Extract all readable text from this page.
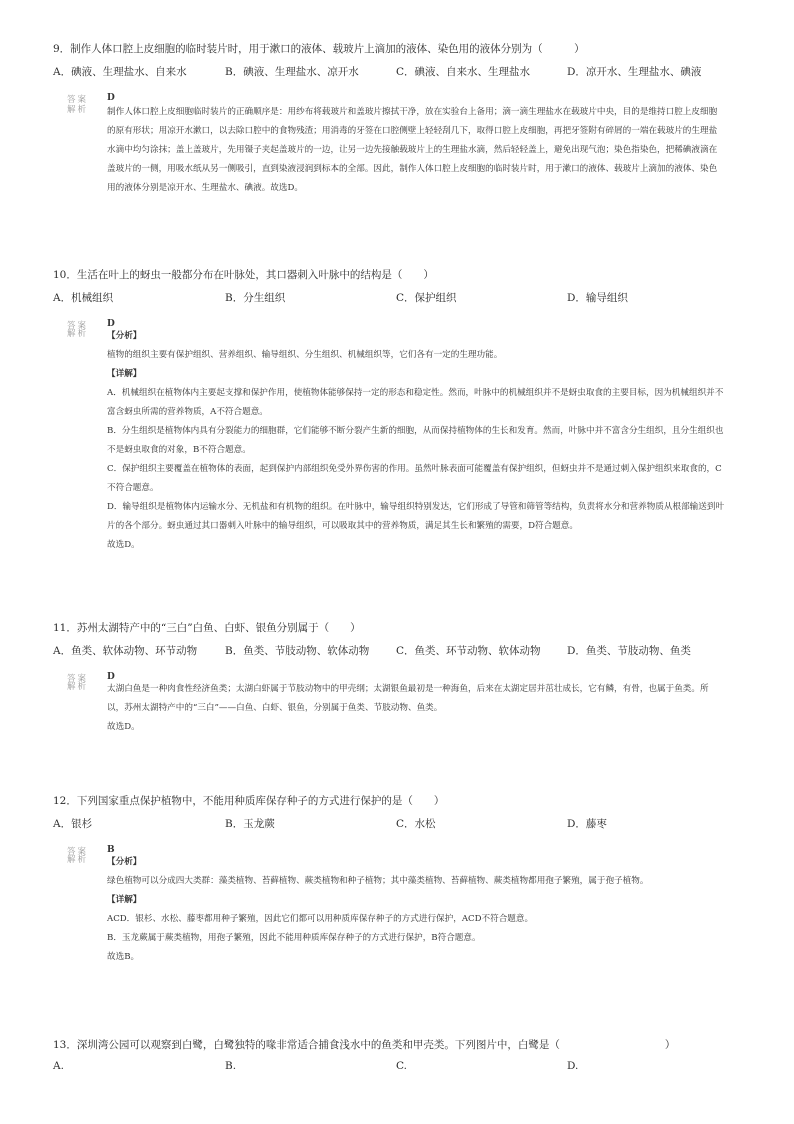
9．制作人体口腔上皮细胞的临时装片时，用于漱口的液体、载玻片上滴加的液体、染色用的液体分别为（　　　）
A．碘液、生理盐水、自来水	B．碘液、生理盐水、凉开水	C．碘液、自来水、生理盐水	D．凉开水、生理盐水、碘液
答案 D
解析 制作人体口腔上皮细胞临时装片的正确顺序是：用纱布将载玻片和盖玻片擦拭干净，放在实验台上备用；滴一滴生理盐水在载玻片中央，目的是维持口腔上皮细胞的原有形状；用凉开水漱口，以去除口腔中的食物残渣；用消毒的牙签在口腔侧壁上轻轻刮几下，取得口腔上皮细胞，再把牙签附有碎屑的一端在载玻片的生理盐水滴中均匀涂抹；盖上盖玻片，先用镊子夹起盖玻片的一边，让另一边先接触载玻片上的生理盐水滴，然后轻轻盖上，避免出现气泡；染色指染色，把稀碘液滴在盖玻片的一侧，用吸水纸从另一侧吸引，直到染液浸润到标本的全部。因此，制作人体口腔上皮细胞的临时装片时，用于漱口的液体、载玻片上滴加的液体、染色用的液体分别是凉开水、生理盐水、碘液。故选D。

10．生活在叶上的蚜虫一般都分布在叶脉处，其口器刺入叶脉中的结构是（　　）
A．机械组织	B．分生组织	C．保护组织	D．输导组织
答案 D
解析 【分析】

植物的组织主要有保护组织、营养组织、输导组织、分生组织、机械组织等，它们各有一定的生理功能。

【详解】

A．机械组织在植物体内主要起支撑和保护作用，使植物体能够保持一定的形态和稳定性。然而，叶脉中的机械组织并不是蚜虫取食的主要目标，因为机械组织并不富含蚜虫所需的营养物质，A不符合题意。

B．分生组织是植物体内具有分裂能力的细胞群，它们能够不断分裂产生新的细胞，从而保持植物体的生长和发育。然而，叶脉中并不富含分生组织，且分生组织也不是蚜虫取食的对象，B不符合题意。

C．保护组织主要覆盖在植物体的表面，起到保护内部组织免受外界伤害的作用。虽然叶脉表面可能覆盖有保护组织，但蚜虫并不是通过刺入保护组织来取食的，C不符合题意。

D．输导组织是植物体内运输水分、无机盐和有机物的组织。在叶脉中，输导组织特别发达，它们形成了导管和筛管等结构，负责将水分和营养物质从根部输送到叶片的各个部分。蚜虫通过其口器刺入叶脉中的输导组织，可以吸取其中的营养物质，满足其生长和繁殖的需要，D符合题意。

故选D。

11．苏州太湖特产中的“三白”白鱼、白虾、银鱼分别属于（　　）
A．鱼类、软体动物、环节动物	B．鱼类、节肢动物、软体动物	C．鱼类、环节动物、软体动物	D．鱼类、节肢动物、鱼类
答案 D
解析 太湖白鱼是一种肉食性经济鱼类；太湖白虾属于节肢动物中的甲壳纲；太湖银鱼最初是一种海鱼，后来在太湖定居并茁壮成长，它有鳞，有骨，也属于鱼类。所以，苏州太湖特产中的“三白”——白鱼、白虾、银鱼，分别属于鱼类、节肢动物、鱼类。

故选D。

12．下列国家重点保护植物中，不能用种质库保存种子的方式进行保护的是（　　）
A．银杉	B．玉龙蕨	C．水松	D．藤枣
答案 B
解析 【分析】

绿色植物可以分成四大类群：藻类植物、苔藓植物、蕨类植物和种子植物；其中藻类植物、苔藓植物、蕨类植物都用孢子繁殖，属于孢子植物。

【详解】

ACD．银杉、水松、藤枣都用种子繁殖，因此它们都可以用种质库保存种子的方式进行保护，ACD不符合题意。

B．玉龙蕨属于蕨类植物，用孢子繁殖，因此不能用种质库保存种子的方式进行保护，B符合题意。

故选B。

13．深圳湾公园可以观察到白鹭，白鹭独特的喙非常适合捕食浅水中的鱼类和甲壳类。下列图片中，白鹭是（　　　　　　　　　　）
A.	B.	C.	D.
